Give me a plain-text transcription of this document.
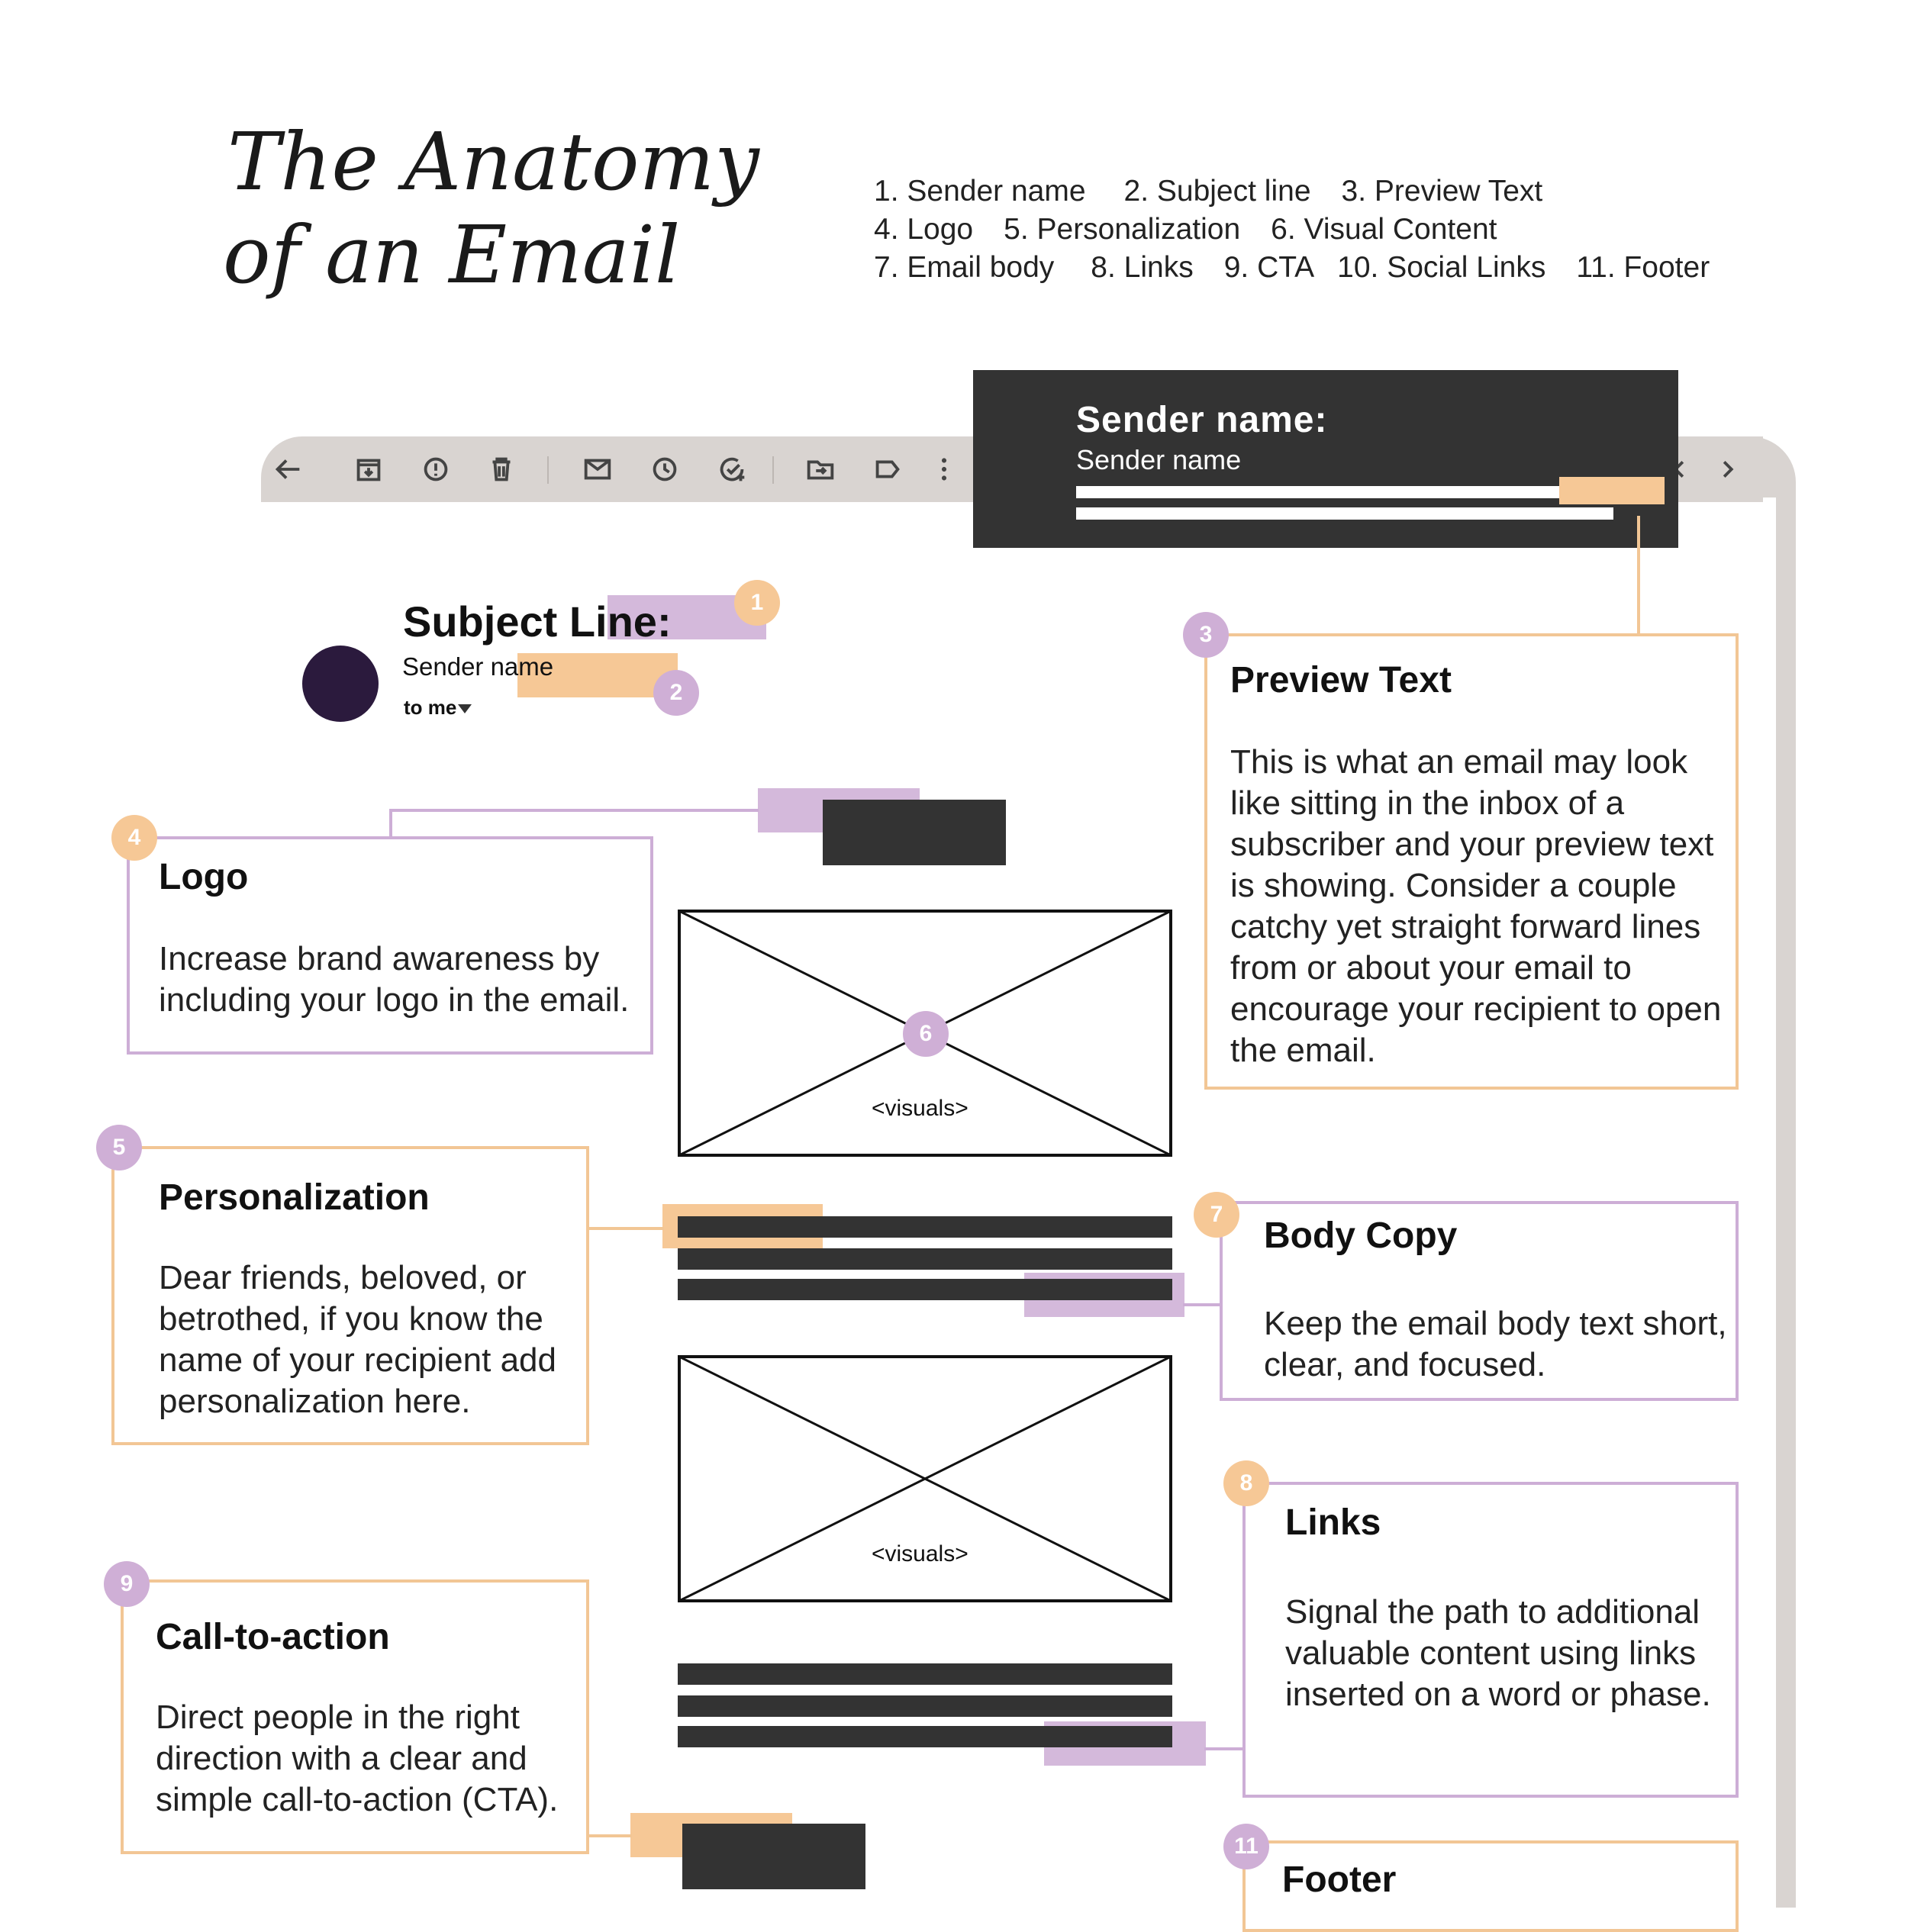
The Anatomy
of an Email
1. Sender name 2. Subject line 3. Preview Text
4. Logo 5. Personalization 6. Visual Content
7. Email body 8. Links 9. CTA 10. Social Links 11. Footer
Sender name:
Sender name
Subject Line:
Sender name
to me
1
2
<visuals>
6
<visuals>
Preview Text

This is what an email may look like sitting in the inbox of a subscriber and your preview text is showing. Consider a couple catchy yet straight forward lines from or about your email to encourage your recipient to open the email.

3
Logo

Increase brand awareness by including your logo in the email.

4
Personalization

Dear friends, beloved, or betrothed, if you know the name of your recipient add personalization here.

5
Body Copy

Keep the email body text short, clear, and focused.

7
Links

Signal the path to additional valuable content using links inserted on a word or phase.

8
Call-to-action

Direct people in the right direction with a clear and simple call-to-action (CTA).

9
Footer
11
